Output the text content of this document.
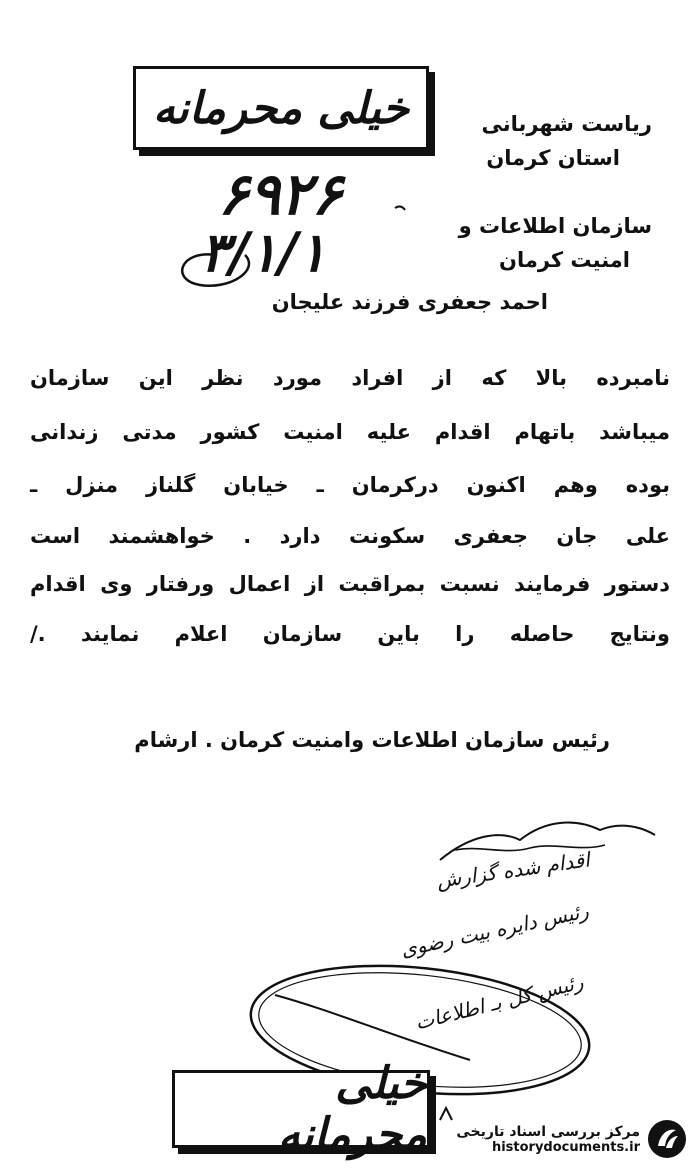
خیلی محرمانه	ریاست شهربانی
استان کرمان
سازمان اطلاعات و
امنیت کرمان
۶۹۲۶
۳/۱/۱
احمد جعفری فرزند علیجان
نامبرده بالا که از افراد مورد نظر این سازمان
میباشد باتهام اقدام علیه امنیت کشور مدتی زندانی
بوده وهم اکنون درکرمان ـ خیابان گلناز منزل ـ
علی جان جعفری سکونت دارد . خواهشمند است
دستور فرمایند نسبت بمراقبت از اعمال ورفتار وی اقدام
ونتایج حاصله را باین سازمان اعلام نمایند ./
رئیس سازمان اطلاعات وامنیت کرمان . ارشام
اقدام شده گزارش
رئیس دایره بیت رضوی
رئیس کل بـ اطلاعات
خیلی محرمانه مرکز بررسی اسناد تاریخی
historydocuments.ir
